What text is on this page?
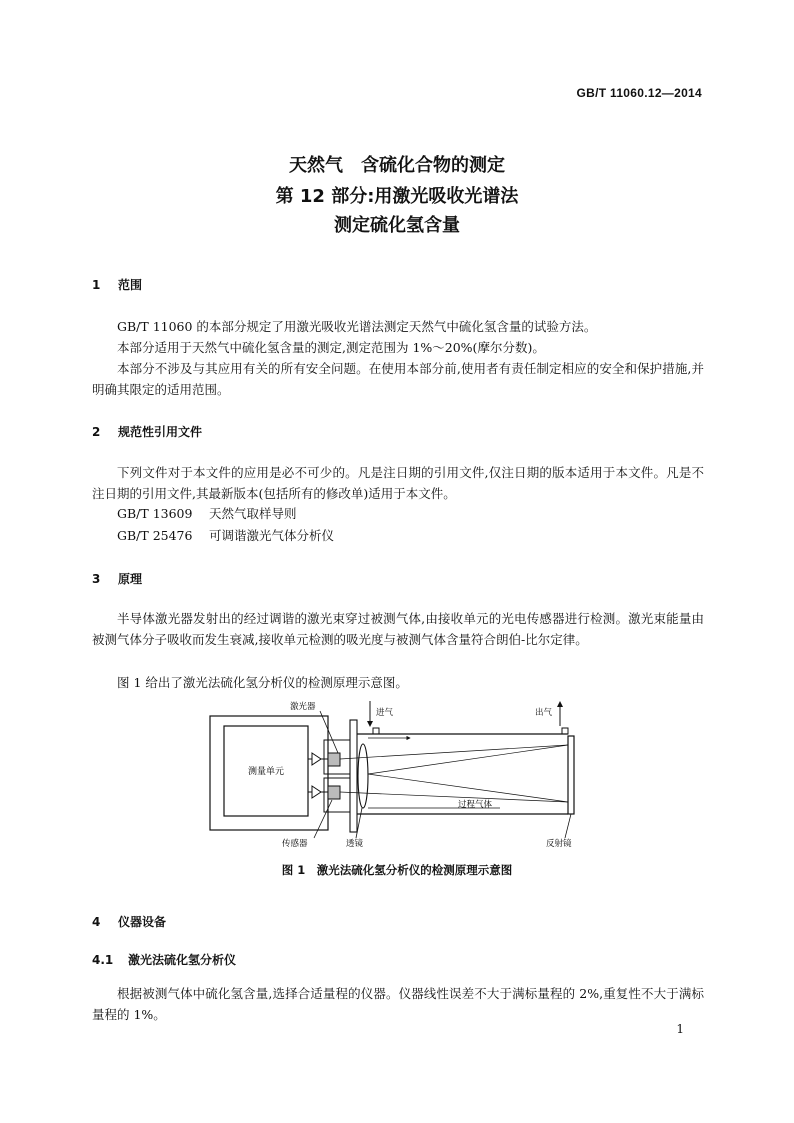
GB/T 11060.12—2014
天然气　含硫化合物的测定
第 12 部分:用激光吸收光谱法
测定硫化氢含量
1 范围
GB/T 11060 的本部分规定了用激光吸收光谱法测定天然气中硫化氢含量的试验方法。
本部分适用于天然气中硫化氢含量的测定,测定范围为 1%～20%(摩尔分数)。
本部分不涉及与其应用有关的所有安全问题。在使用本部分前,使用者有责任制定相应的安全和保护措施,并明确其限定的适用范围。
2 规范性引用文件
下列文件对于本文件的应用是必不可少的。凡是注日期的引用文件,仅注日期的版本适用于本文件。凡是不注日期的引用文件,其最新版本(包括所有的修改单)适用于本文件。
GB/T 13609 天然气取样导则
GB/T 25476 可调谐激光气体分析仪
3 原理
半导体激光器发射出的经过调谐的激光束穿过被测气体,由接收单元的光电传感器进行检测。激光束能量由被测气体分子吸收而发生衰减,接收单元检测的吸光度与被测气体含量符合朗伯-比尔定律。
图 1 给出了激光法硫化氢分析仪的检测原理示意图。
测量单元
激光器
进气	出气
过程气体
传感器	透镜	反射镜
图 1　激光法硫化氢分析仪的检测原理示意图
4 仪器设备
4.1 激光法硫化氢分析仪
根据被测气体中硫化氢含量,选择合适量程的仪器。仪器线性误差不大于满标量程的 2%,重复性不大于满标量程的 1%。
1
